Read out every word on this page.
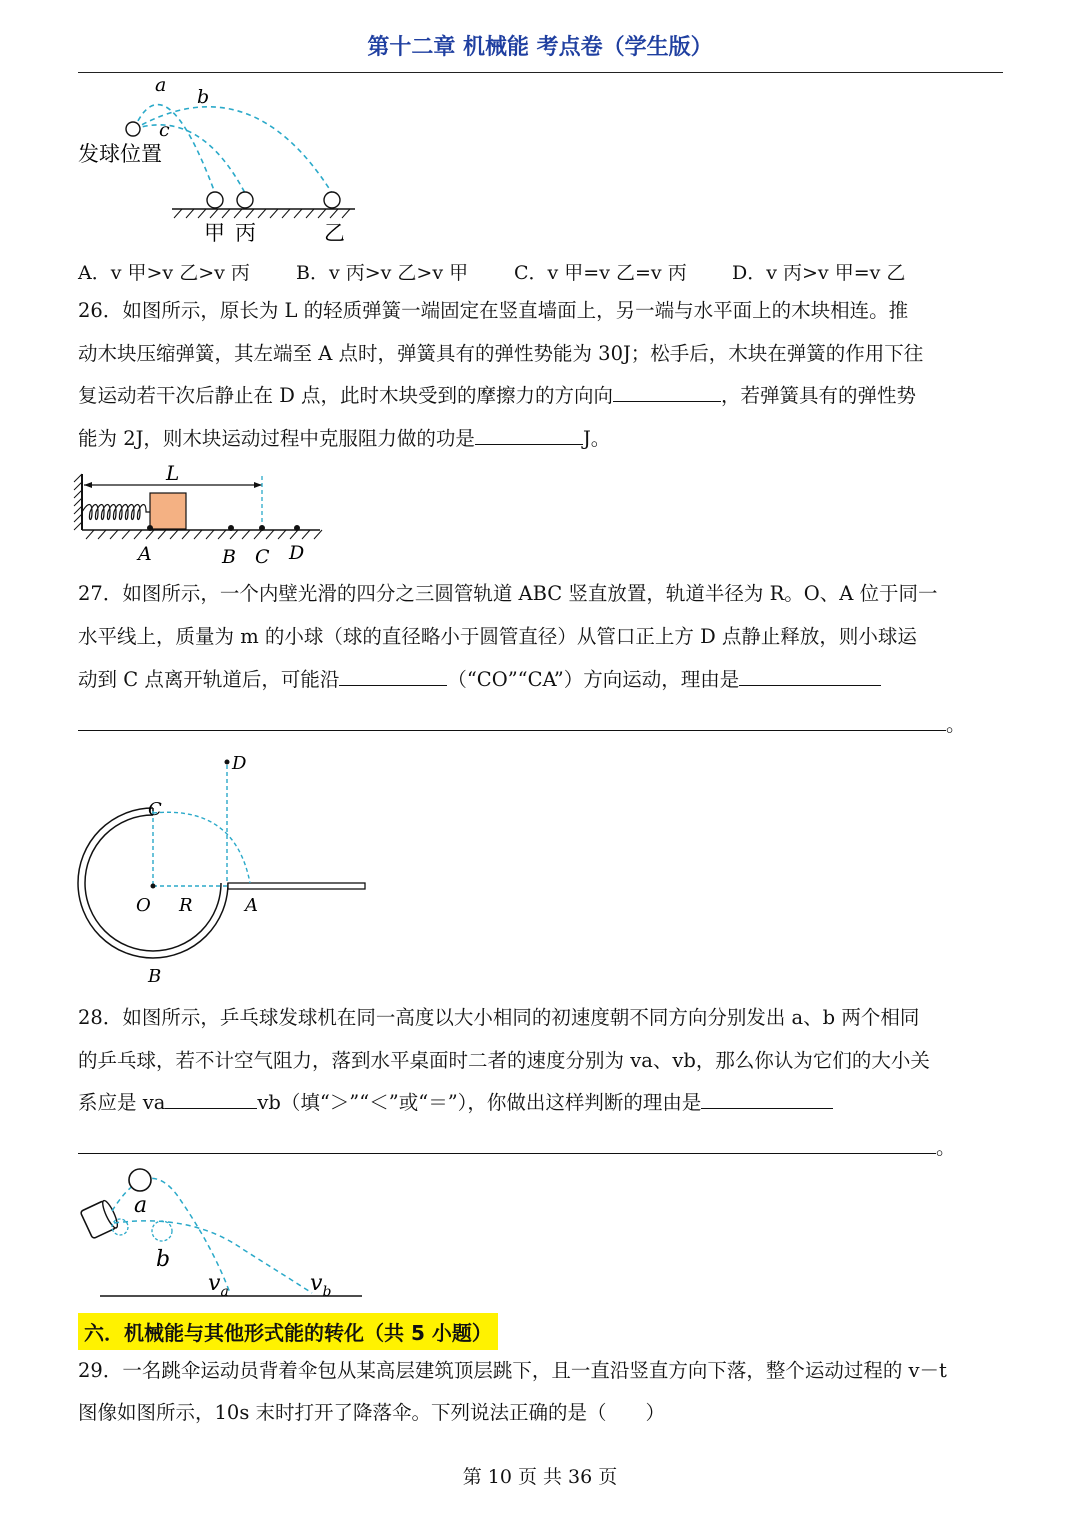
第十二章 机械能 考点卷（学生版）
a
b
c
发球位置
甲 丙	乙
A．v 甲>v 乙>v 丙 B．v 丙>v 乙>v 甲 C．v 甲=v 乙=v 丙 D．v 丙>v 甲=v 乙
26．如图所示，原长为 L 的轻质弹簧一端固定在竖直墙面上，另一端与水平面上的木块相连。推
动木块压缩弹簧，其左端至 A 点时，弹簧具有的弹性势能为 30J；松手后，木块在弹簧的作用下往
复运动若干次后静止在 D 点，此时木块受到的摩擦力的方向向	，若弹簧具有的弹性势
能为 2J，则木块运动过程中克服阻力做的功是	J。
L
A	B C D
27．如图所示，一个内壁光滑的四分之三圆管轨道 ABC 竖直放置，轨道半径为 R。O、A 位于同一
水平线上，质量为 m 的小球（球的直径略小于圆管直径）从管口正上方 D 点静止释放，则小球运
动到 C 点离开轨道后，可能沿	（“CO”“CA”）方向运动，理由是
。
D
C
O R	A
B
28．如图所示，乒乓球发球机在同一高度以大小相同的初速度朝不同方向分别发出 a、b 两个相同
的乒乓球，若不计空气阻力，落到水平桌面时二者的速度分别为 va、vb，那么你认为它们的大小关
系应是 va	vb（填“＞”“＜”或“＝”），你做出这样判断的理由是
。
a
b
$v_a$	$v_b$
六．机械能与其他形式能的转化（共 5 小题）
29．一名跳伞运动员背着伞包从某高层建筑顶层跳下，且一直沿竖直方向下落，整个运动过程的 v－t
图像如图所示，10s 末时打开了降落伞。下列说法正确的是（　　）
第 10 页 共 36 页
